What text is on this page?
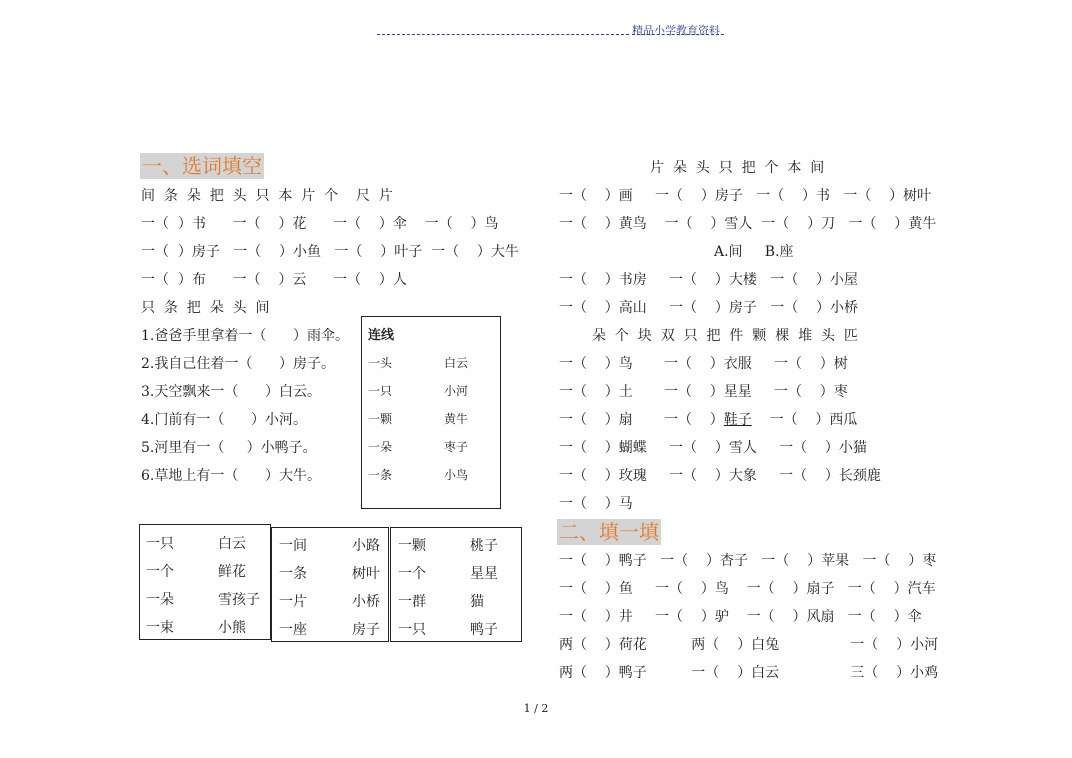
精品小学教育资料
一、选词填空
间  条  朵  把  头  只  本  片  个    尺  片
一（  ）书      一（    ）花      一（    ）伞    一（    ）鸟
一（  ）房子   一（    ）小鱼   一（    ）叶子  一（    ）大牛
一（  ）布      一（    ）云      一（    ）人
只  条  把  朵  头  间
1.爸爸手里拿着一（      ）雨伞。
2.我自己住着一（      ）房子。
3.天空飘来一（      ）白云。
4.门前有一（      ）小河。
5.河里有一（     ）小鸭子。
6.草地上有一（      ）大牛。
连线
一头	白云
一只	小河
一颗	黄牛
一朵	枣子
一条	小鸟
一只	白云
一个	鲜花
一朵	雪孩子
一束	小熊
一间	小路
一条	树叶
一片	小桥
一座	房子
一颗	桃子
一个	星星
一群	猫
一只	鸭子
片  朵  头  只  把  个  本  间
一（    ）画     一（    ）房子   一（    ）书   一（    ）树叶
一（    ）黄鸟    一（    ）雪人  一（    ）刀   一（    ）黄牛
A.间     B.座
一（    ）书房     一（    ）大楼   一（    ）小屋
一（    ）高山     一（    ）房子   一（    ）小桥
朵  个  块  双  只  把  件  颗  棵  堆  头  匹
一（    ）鸟       一（    ）衣服     一（    ）树
一（    ）土       一（    ）星星     一（    ）枣
一（    ）扇       一（    ）鞋子    一（    ）西瓜
一（    ）蝴蝶     一（    ）雪人     一（    ）小猫
一（    ）玫瑰     一（    ）大象     一（    ）长颈鹿
一（    ）马
二、填一填
一（    ）鸭子   一（    ）杏子   一（    ）苹果   一（    ）枣
一（    ）鱼     一（    ）鸟    一（    ）扇子   一（    ）汽车
一（    ）井     一（    ）驴    一（    ）风扇   一（    ）伞
两（    ）荷花          两（    ）白兔                一（    ）小河
两（    ）鸭子          一（    ）白云                三（    ）小鸡
1 / 2
